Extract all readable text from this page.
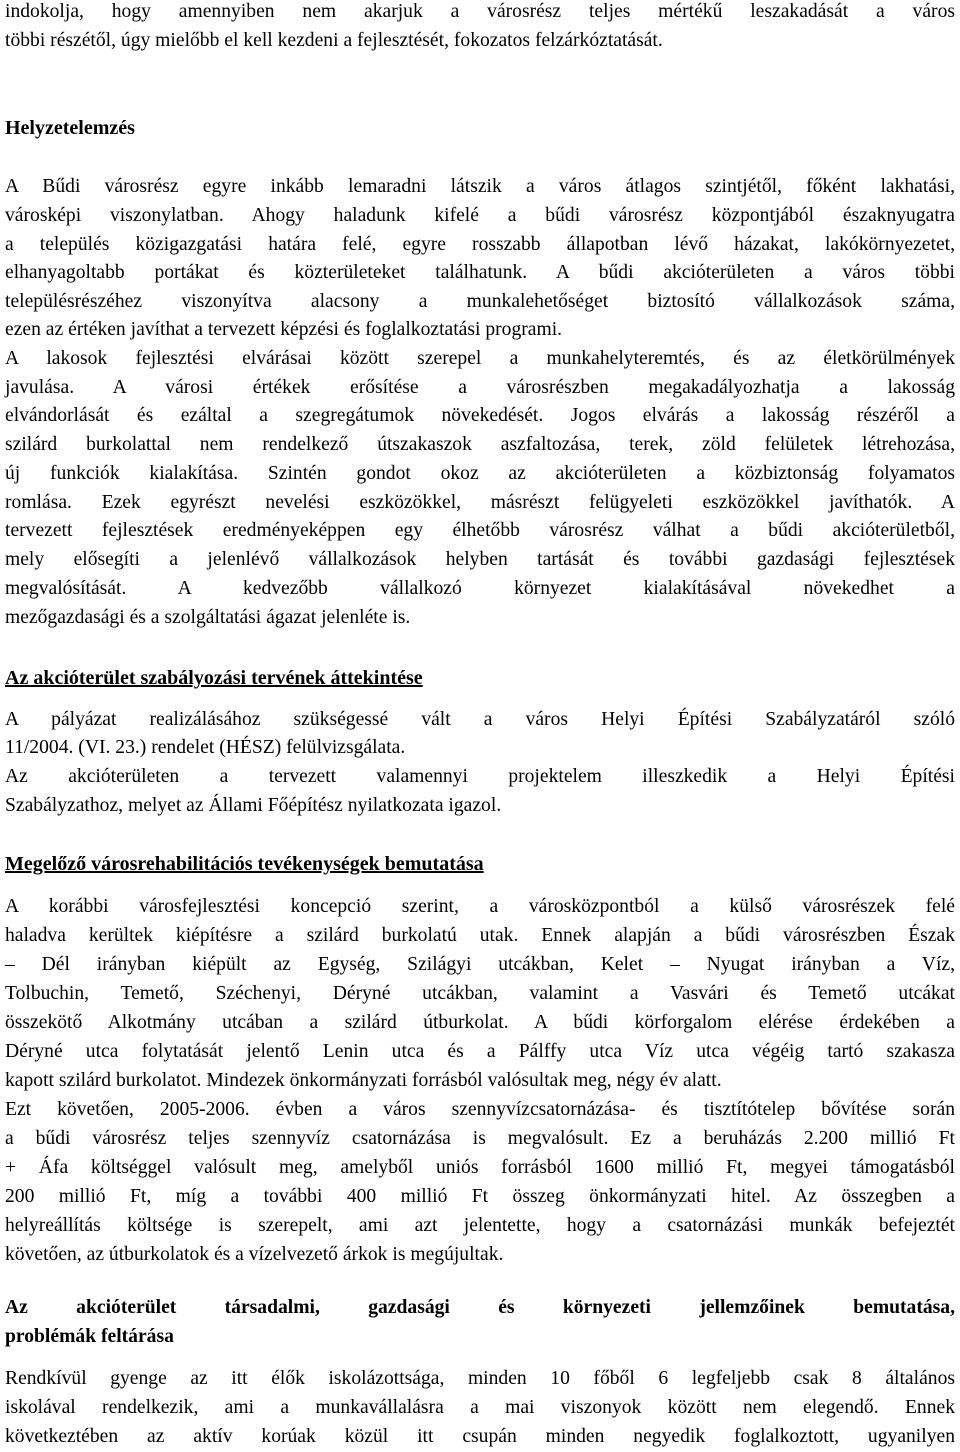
indokolja, hogy amennyiben nem akarjuk a városrész teljes mértékű leszakadását a város
többi részétől, úgy mielőbb el kell kezdeni a fejlesztését, fokozatos felzárkóztatását.
Helyzetelemzés
A Bűdi városrész egyre inkább lemaradni látszik a város átlagos szintjétől, főként lakhatási,
városképi viszonylatban. Ahogy haladunk kifelé a bűdi városrész központjából északnyugatra
a település közigazgatási határa felé, egyre rosszabb állapotban lévő házakat, lakókörnyezetet,
elhanyagoltabb portákat és közterületeket találhatunk. A bűdi akcióterületen a város többi
településrészéhez viszonyítva alacsony a munkalehetőséget biztosító vállalkozások száma,
ezen az értéken javíthat a tervezett képzési és foglalkoztatási programi.
A lakosok fejlesztési elvárásai között szerepel a munkahelyteremtés, és az életkörülmények
javulása. A városi értékek erősítése a városrészben megakadályozhatja a lakosság
elvándorlását és ezáltal a szegregátumok növekedését. Jogos elvárás a lakosság részéről a
szilárd burkolattal nem rendelkező útszakaszok aszfaltozása, terek, zöld felületek létrehozása,
új funkciók kialakítása. Szintén gondot okoz az akcióterületen a közbiztonság folyamatos
romlása. Ezek egyrészt nevelési eszközökkel, másrészt felügyeleti eszközökkel javíthatók. A
tervezett fejlesztések eredményeképpen egy élhetőbb városrész válhat a bűdi akcióterületből,
mely elősegíti a jelenlévő vállalkozások helyben tartását és további gazdasági fejlesztések
megvalósítását. A kedvezőbb vállalkozó környezet kialakításával növekedhet a
mezőgazdasági és a szolgáltatási ágazat jelenléte is.
Az akcióterület szabályozási tervének áttekintése
A pályázat realizálásához szükségessé vált a város Helyi Építési Szabályzatáról szóló
11/2004. (VI. 23.) rendelet (HÉSZ) felülvizsgálata.
Az akcióterületen a tervezett valamennyi projektelem illeszkedik a Helyi Építési
Szabályzathoz, melyet az Állami Főépítész nyilatkozata igazol.
Megelőző városrehabilitációs tevékenységek bemutatása
A korábbi városfejlesztési koncepció szerint, a városközpontból a külső városrészek felé
haladva kerültek kiépítésre a szilárd burkolatú utak. Ennek alapján a bűdi városrészben Észak
– Dél irányban kiépült az Egység, Szilágyi utcákban, Kelet – Nyugat irányban a Víz,
Tolbuchin, Temető, Széchenyi, Déryné utcákban, valamint a Vasvári és Temető utcákat
összekötő Alkotmány utcában a szilárd útburkolat. A bűdi körforgalom elérése érdekében a
Déryné utca folytatását jelentő Lenin utca és a Pálffy utca Víz utca végéig tartó szakasza
kapott szilárd burkolatot. Mindezek önkormányzati forrásból valósultak meg, négy év alatt.
Ezt követően, 2005-2006. évben a város szennyvízcsatornázása- és tisztítótelep bővítése során
a bűdi városrész teljes szennyvíz csatornázása is megvalósult. Ez a beruházás 2.200 millió Ft
+ Áfa költséggel valósult meg, amelyből uniós forrásból 1600 millió Ft, megyei támogatásból
200 millió Ft, míg a további 400 millió Ft összeg önkormányzati hitel. Az összegben a
helyreállítás költsége is szerepelt, ami azt jelentette, hogy a csatornázási munkák befejeztét
követően, az útburkolatok és a vízelvezető árkok is megújultak.
Az akcióterület társadalmi, gazdasági és környezeti jellemzőinek bemutatása,
problémák feltárása
Rendkívül gyenge az itt élők iskolázottsága, minden 10 főből 6 legfeljebb csak 8 általános
iskolával rendelkezik, ami a munkavállalásra a mai viszonyok között nem elegendő. Ennek
következtében az aktív korúak közül itt csupán minden negyedik foglalkoztott, ugyanilyen
